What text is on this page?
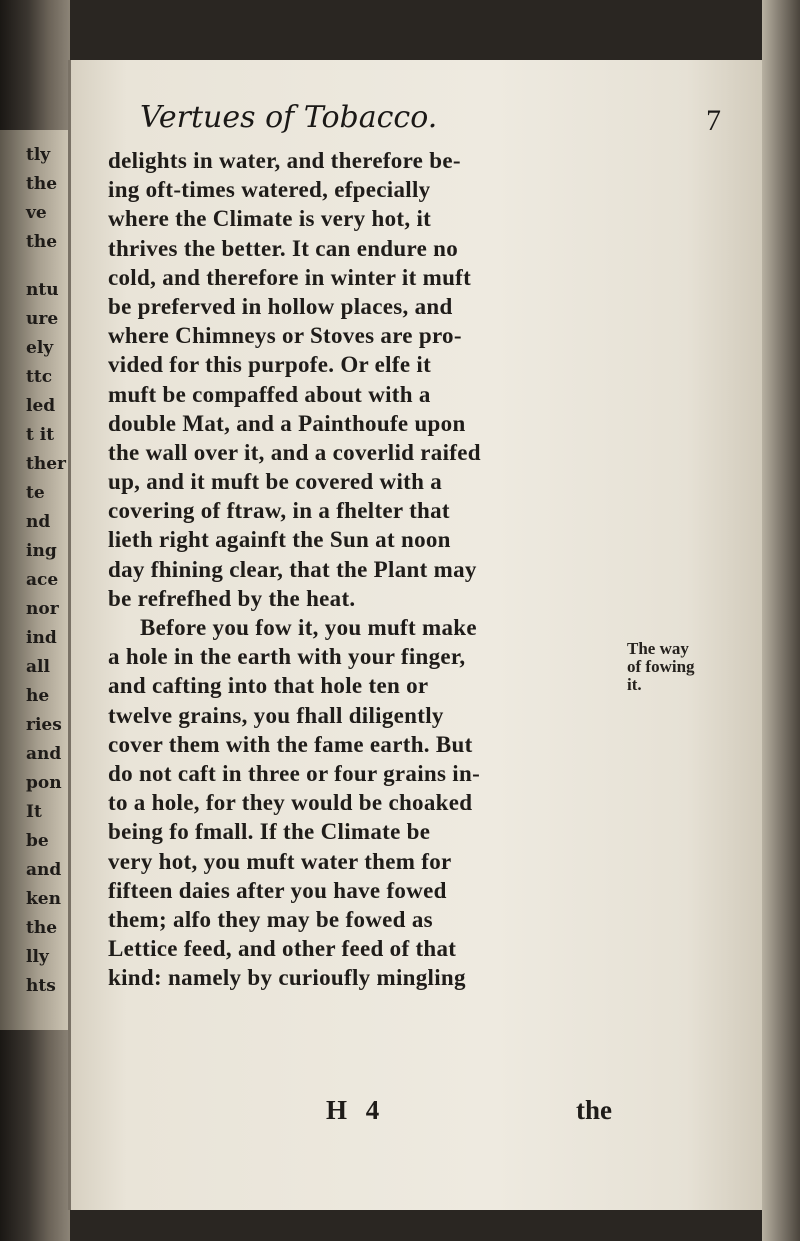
tly
the
ve
the
ntu
ure
ely
ttc
led
t it
ther
te
nd
ing
ace
nor
ind
all
he
ries
and
pon
It
be
and
ken
the
lly
hts
Vertues of Tobacco.	7
delights in water, and therefore be-
ing oft-times watered, efpecially
where the Climate is very hot, it
thrives the better. It can endure no
cold, and therefore in winter it muft
be preferved in hollow places, and
where Chimneys or Stoves are pro-
vided for this purpofe. Or elfe it
muft be compaffed about with a
double Mat, and a Painthoufe upon
the wall over it, and a coverlid raifed
up, and it muft be covered with a
covering of ftraw, in a fhelter that
lieth right againft the Sun at noon
day fhining clear, that the Plant may
be refrefhed by the heat.
Before you fow it, you muft make
a hole in the earth with your finger,
and cafting into that hole ten or
twelve grains, you fhall diligently
cover them with the fame earth. But
do not caft in three or four grains in-
to a hole, for they would be choaked
being fo fmall. If the Climate be
very hot, you muft water them for
fifteen daies after you have fowed
them; alfo they may be fowed as
Lettice feed, and other feed of that
kind: namely by curioufly mingling
The way
of fowing
it.
H 4	the
